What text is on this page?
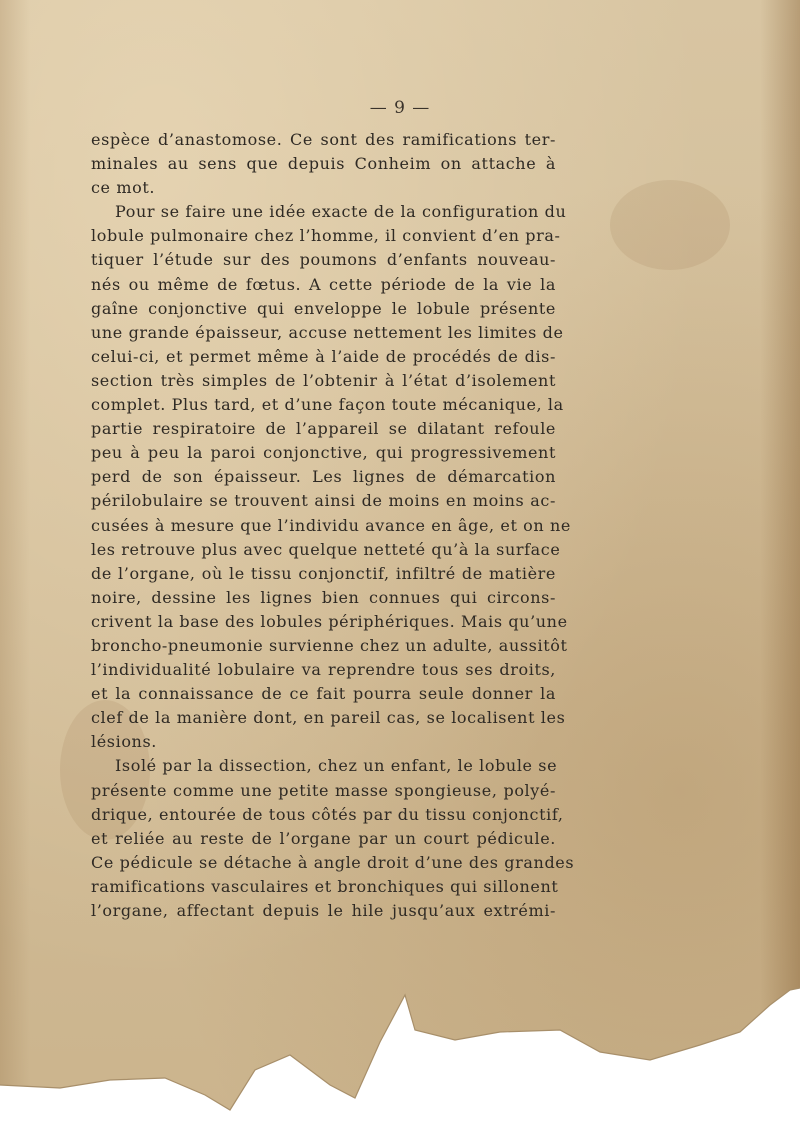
— 9 —
espèce d’anastomose. Ce sont des ramifications ter-
minales au sens que depuis Conheim on attache à
ce mot.
Pour se faire une idée exacte de la configuration du
lobule pulmonaire chez l’homme, il convient d’en pra-
tiquer l’étude sur des poumons d’enfants nouveau-
nés ou même de fœtus. A cette période de la vie la
gaîne conjonctive qui enveloppe le lobule présente
une grande épaisseur, accuse nettement les limites de
celui-ci, et permet même à l’aide de procédés de dis-
section très simples de l’obtenir à l’état d’isolement
complet. Plus tard, et d’une façon toute mécanique, la
partie respiratoire de l’appareil se dilatant refoule
peu à peu la paroi conjonctive, qui progressivement
perd de son épaisseur. Les lignes de démarcation
périlobulaire se trouvent ainsi de moins en moins ac-
cusées à mesure que l’individu avance en âge, et on ne
les retrouve plus avec quelque netteté qu’à la surface
de l’organe, où le tissu conjonctif, infiltré de matière
noire, dessine les lignes bien connues qui circons-
crivent la base des lobules périphériques. Mais qu’une
broncho-pneumonie survienne chez un adulte, aussitôt
l’individualité lobulaire va reprendre tous ses droits,
et la connaissance de ce fait pourra seule donner la
clef de la manière dont, en pareil cas, se localisent les
lésions.
Isolé par la dissection, chez un enfant, le lobule se
présente comme une petite masse spongieuse, polyé-
drique, entourée de tous côtés par du tissu conjonctif,
et reliée au reste de l’organe par un court pédicule.
Ce pédicule se détache à angle droit d’une des grandes
ramifications vasculaires et bronchiques qui sillonent
l’organe, affectant depuis le hile jusqu’aux extrémi-
